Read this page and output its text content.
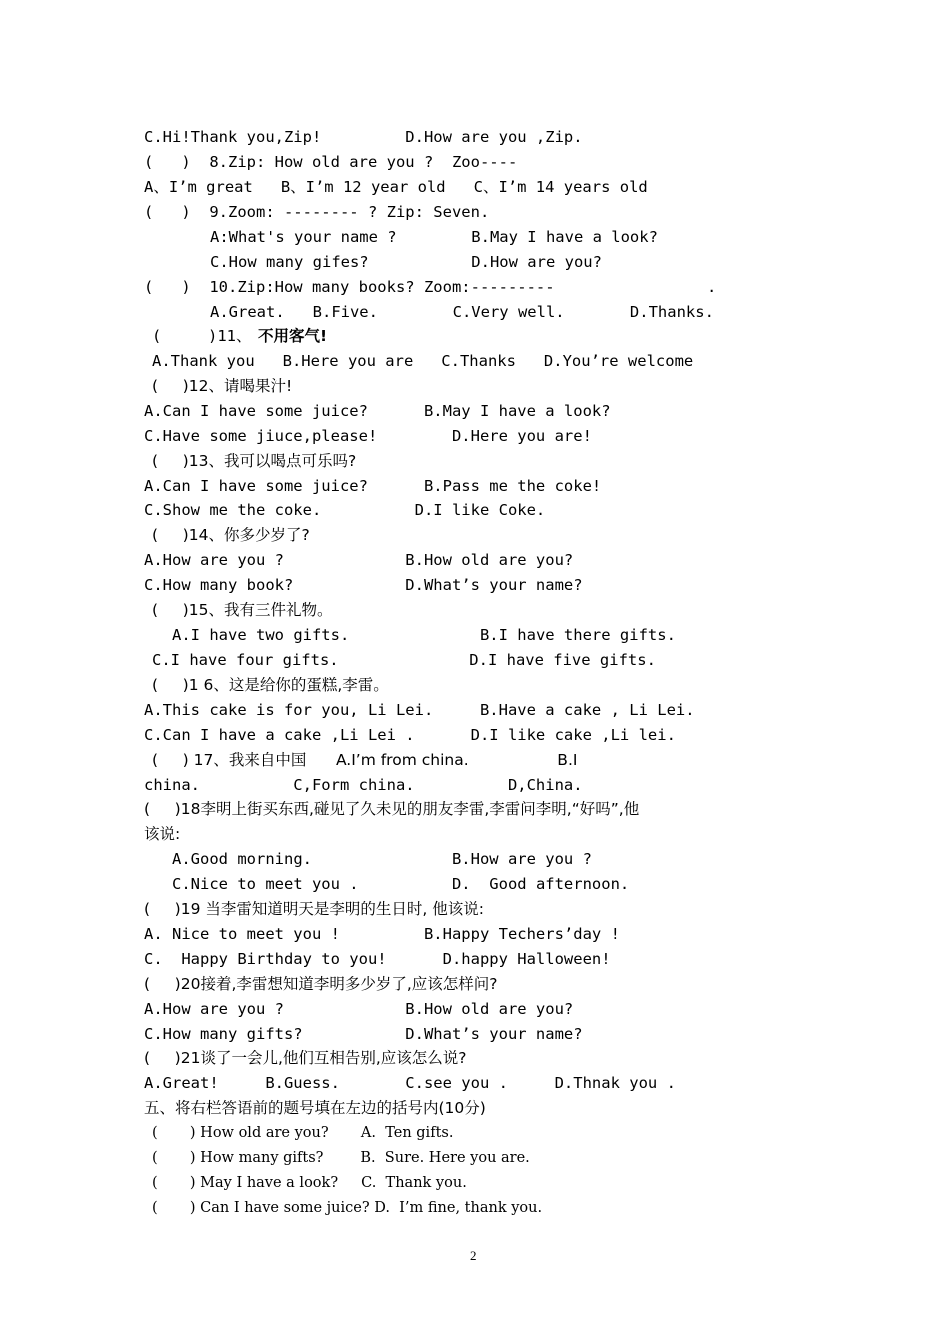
C.Hi!Thank you,Zip!         D.How are you ,Zip.
(   )  8.Zip: How old are you ?  Zoo----
A、I’m great   B、I’m 12 year old   C、I’m 14 years old
(   )  9.Zoom: -------- ? Zip: Seven.
A:What's your name ?        B.May I have a look?
C.How many gifes?           D.How are you?
(   )  10.Zip:How many books? Zoom:---------	.
A.Great.   B.Five.        C.Very well.       D.Thanks.
(     )11、 不用客气!
A.Thank you   B.Here you are   C.Thanks   D.You’re welcome
(     )12、请喝果汁!
A.Can I have some juice?      B.May I have a look?
C.Have some jiuce,please!        D.Here you are!
(     )13、我可以喝点可乐吗?
A.Can I have some juice?      B.Pass me the coke!
C.Show me the coke.          D.I like Coke.
(     )14、你多少岁了?
A.How are you ?             B.How old are you?
C.How many book?            D.What’s your name?
(     )15、我有三件礼物。
A.I have two gifts.              B.I have there gifts.
C.I have four gifts.              D.I have five gifts.
(     )1 6、这是给你的蛋糕,李雷。
A.This cake is for you, Li Lei.     B.Have a cake , Li Lei.
C.Can I have a cake ,Li Lei .      D.I like cake ,Li lei.
(     ) 17、我来自中国      A.I’m from china.                  B.I
china.          C,Form china.          D,China.
(     )18李明上街买东西,碰见了久未见的朋友李雷,李雷问李明,“好吗”,他
该说:
A.Good morning.               B.How are you ?
C.Nice to meet you .          D.  Good afternoon.
(     )19 当李雷知道明天是李明的生日时, 他该说:
A. Nice to meet you !         B.Happy Techers’day !
C.  Happy Birthday to you!      D.happy Halloween!
(     )20接着,李雷想知道李明多少岁了,应该怎样问?
A.How are you ?             B.How old are you?
C.How many gifts?           D.What’s your name?
(     )21谈了一会儿,他们互相告别,应该怎么说?
A.Great!     B.Guess.       C.see you .     D.Thnak you .
五、将右栏答语前的题号填在左边的括号内(10分)
(       ) How old are you?       A.  Ten gifts.
(       ) How many gifts?        B.  Sure. Here you are.
(       ) May I have a look?     C.  Thank you.
(       ) Can I have some juice? D.  I’m fine, thank you.
2
